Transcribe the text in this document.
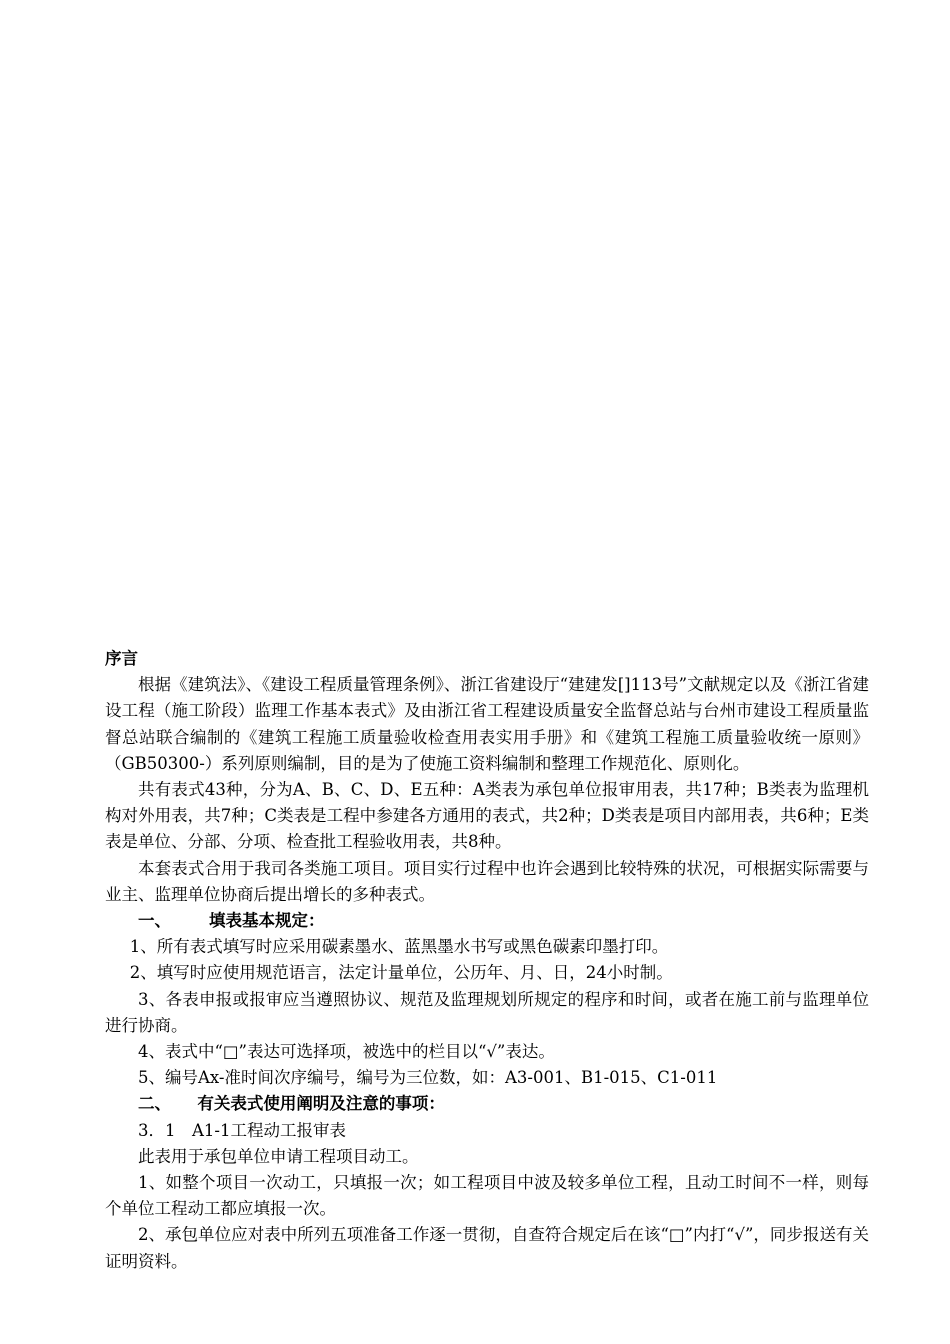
序言

根据《建筑法》、《建设工程质量管理条例》、浙江省建设厅“建建发[]113号”文献规定以及《浙江省建设工程（施工阶段）监理工作基本表式》及由浙江省工程建设质量安全监督总站与台州市建设工程质量监督总站联合编制的《建筑工程施工质量验收检查用表实用手册》和《建筑工程施工质量验收统一原则》（GB50300-）系列原则编制，目的是为了使施工资料编制和整理工作规范化、原则化。

共有表式43种，分为A、B、C、D、E五种：A类表为承包单位报审用表，共17种；B类表为监理机构对外用表，共7种；C类表是工程中参建各方通用的表式，共2种；D类表是项目内部用表，共6种；E类表是单位、分部、分项、检查批工程验收用表，共8种。

本套表式合用于我司各类施工项目。项目实行过程中也许会遇到比较特殊的状况，可根据实际需要与业主、监理单位协商后提出增长的多种表式。

一、 填表基本规定：

1、所有表式填写时应采用碳素墨水、蓝黑墨水书写或黑色碳素印墨打印。

2、填写时应使用规范语言，法定计量单位，公历年、月、日，24小时制。

3、各表申报或报审应当遵照协议、规范及监理规划所规定的程序和时间，或者在施工前与监理单位进行协商。

4、表式中“□”表达可选择项，被选中的栏目以“√”表达。

5、编号Ax-准时间次序编号，编号为三位数，如：A3-001、B1-015、C1-011

二、 有关表式使用阐明及注意的事项：

3．1　A1-1工程动工报审表

此表用于承包单位申请工程项目动工。

1、如整个项目一次动工，只填报一次；如工程项目中波及较多单位工程，且动工时间不一样，则每个单位工程动工都应填报一次。

2、承包单位应对表中所列五项准备工作逐一贯彻，自查符合规定后在该“□”内打“√”，同步报送有关证明资料。
